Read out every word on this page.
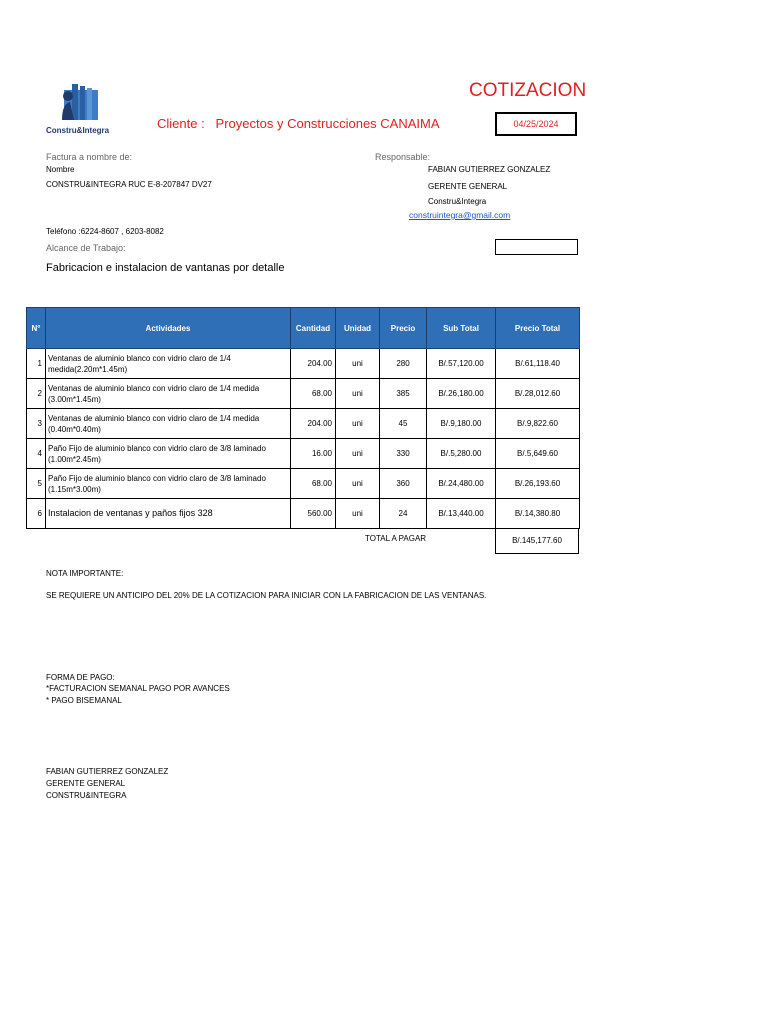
Constru&Integra
COTIZACION
Cliente : Proyectos y Construcciones CANAIMA	04/25/2024
Factura a nombre de:
Nombre
CONSTRU&INTEGRA RUC E-8-207847 DV27
Responsable:
FABIAN GUTIERREZ GONZALEZ
GERENTE GENERAL
Constru&Integra
construintegra@gmail.com
Teléfono :6224-8607 , 6203-8082
Alcance de Trabajo:
Fabricacion e instalacion de vantanas por detalle
N°	Actividades	Cantidad	Unidad	Precio	Sub Total	Precio Total
1	Ventanas de aluminio blanco con vidrio claro de 1/4 medida(2.20m*1.45m)	204.00	uni	280	B/.57,120.00	B/.61,118.40
2	Ventanas de aluminio blanco con vidrio claro de 1/4 medida (3.00m*1.45m)	68.00	uni	385	B/.26,180.00	B/.28,012.60
3	Ventanas de aluminio blanco con vidrio claro de 1/4 medida (0.40m*0.40m)	204.00	uni	45	B/.9,180.00	B/.9,822.60
4	Paño Fijo de aluminio blanco con vidrio claro de 3/8 laminado (1.00m*2.45m)	16.00	uni	330	B/.5,280.00	B/.5,649.60
5	Paño Fijo de aluminio blanco con vidrio claro de 3/8 laminado (1.15m*3.00m)	68.00	uni	360	B/.24,480.00	B/.26,193.60
6	Instalacion de ventanas y paños fijos 328	560.00	uni	24	B/.13,440.00	B/.14,380.80
TOTAL A PAGAR	B/.145,177.60
NOTA IMPORTANTE:
SE REQUIERE UN ANTICIPO DEL 20% DE LA COTIZACION PARA INICIAR CON LA FABRICACION DE LAS VENTANAS.
FORMA DE PAGO:
*FACTURACION SEMANAL PAGO POR AVANCES
* PAGO BISEMANAL
FABIAN GUTIERREZ GONZALEZ
GERENTE GENERAL
CONSTRU&INTEGRA
